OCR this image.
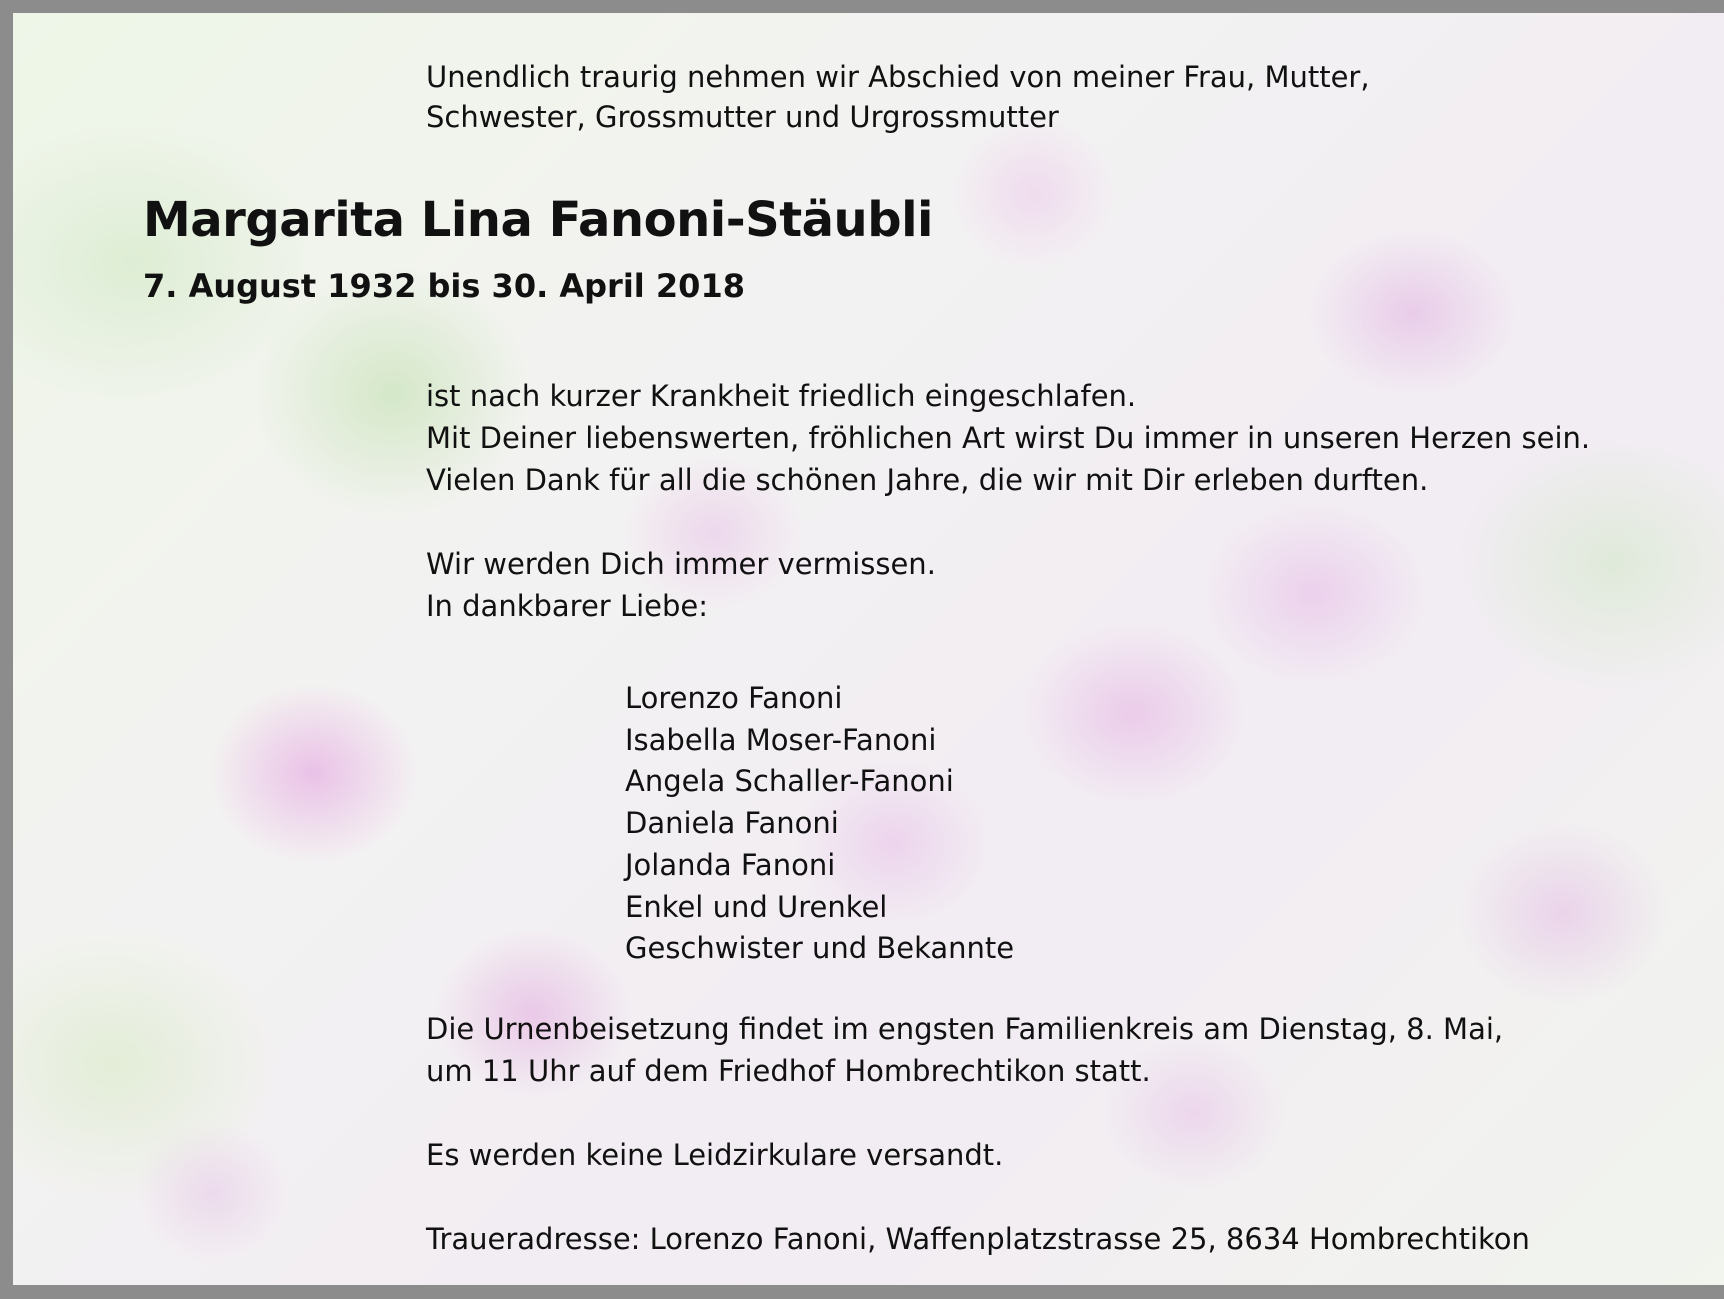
Unendlich traurig nehmen wir Abschied von meiner Frau, Mutter,
Schwester, Grossmutter und Urgrossmutter
Margarita Lina Fanoni-Stäubli
7. August 1932 bis 30. April 2018
ist nach kurzer Krankheit friedlich eingeschlafen.
Mit Deiner liebenswerten, fröhlichen Art wirst Du immer in unseren Herzen sein.
Vielen Dank für all die schönen Jahre, die wir mit Dir erleben durften.
Wir werden Dich immer vermissen.
In dankbarer Liebe:
Lorenzo Fanoni
Isabella Moser-Fanoni
Angela Schaller-Fanoni
Daniela Fanoni
Jolanda Fanoni
Enkel und Urenkel
Geschwister und Bekannte
Die Urnenbeisetzung findet im engsten Familienkreis am Dienstag, 8. Mai,
um 11 Uhr auf dem Friedhof Hombrechtikon statt.
Es werden keine Leidzirkulare versandt.
Traueradresse: Lorenzo Fanoni, Waffenplatzstrasse 25, 8634 Hombrechtikon
